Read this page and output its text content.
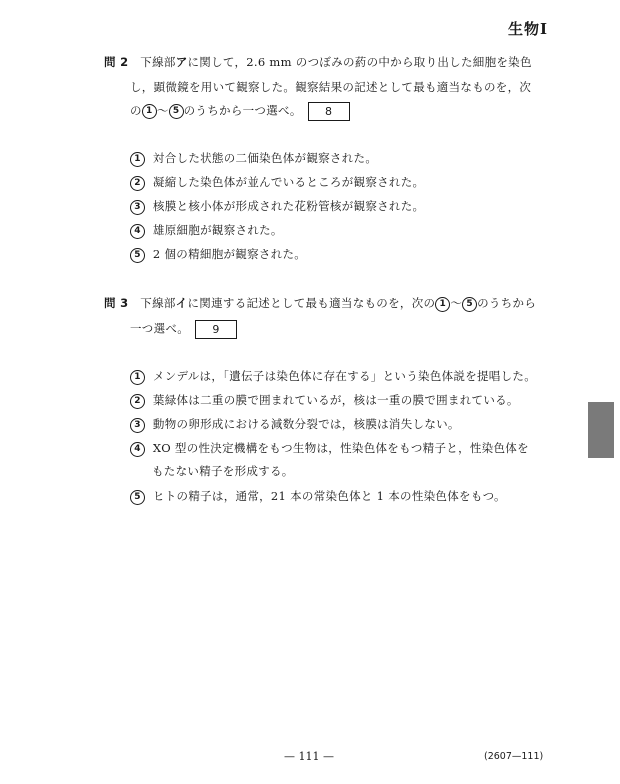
生物Ⅰ
問 2 下線部アに関して，2.6 mm のつぼみの葯の中から取り出した細胞を染色
し，顕微鏡を用いて観察した。観察結果の記述として最も適当なものを，次
の 1 ～ 5 のうちから一つ選べ。 8
1 対合した状態の二価染色体が観察された。
2 凝縮した染色体が並んでいるところが観察された。
3 核膜と核小体が形成された花粉管核が観察された。
4 雄原細胞が観察された。
5 2 個の精細胞が観察された。
問 3 下線部イに関連する記述として最も適当なものを，次の 1 ～ 5 のうちから
一つ選べ。 9
1 メンデルは，「遺伝子は染色体に存在する」という染色体説を提唱した。
2 葉緑体は二重の膜で囲まれているが，核は一重の膜で囲まれている。
3 動物の卵形成における減数分裂では，核膜は消失しない。
4 XO 型の性決定機構をもつ生物は，性染色体をもつ精子と，性染色体を
もたない精子を形成する。
5 ヒトの精子は，通常，21 本の常染色体と 1 本の性染色体をもつ。
— 111 —	(2607—111)
